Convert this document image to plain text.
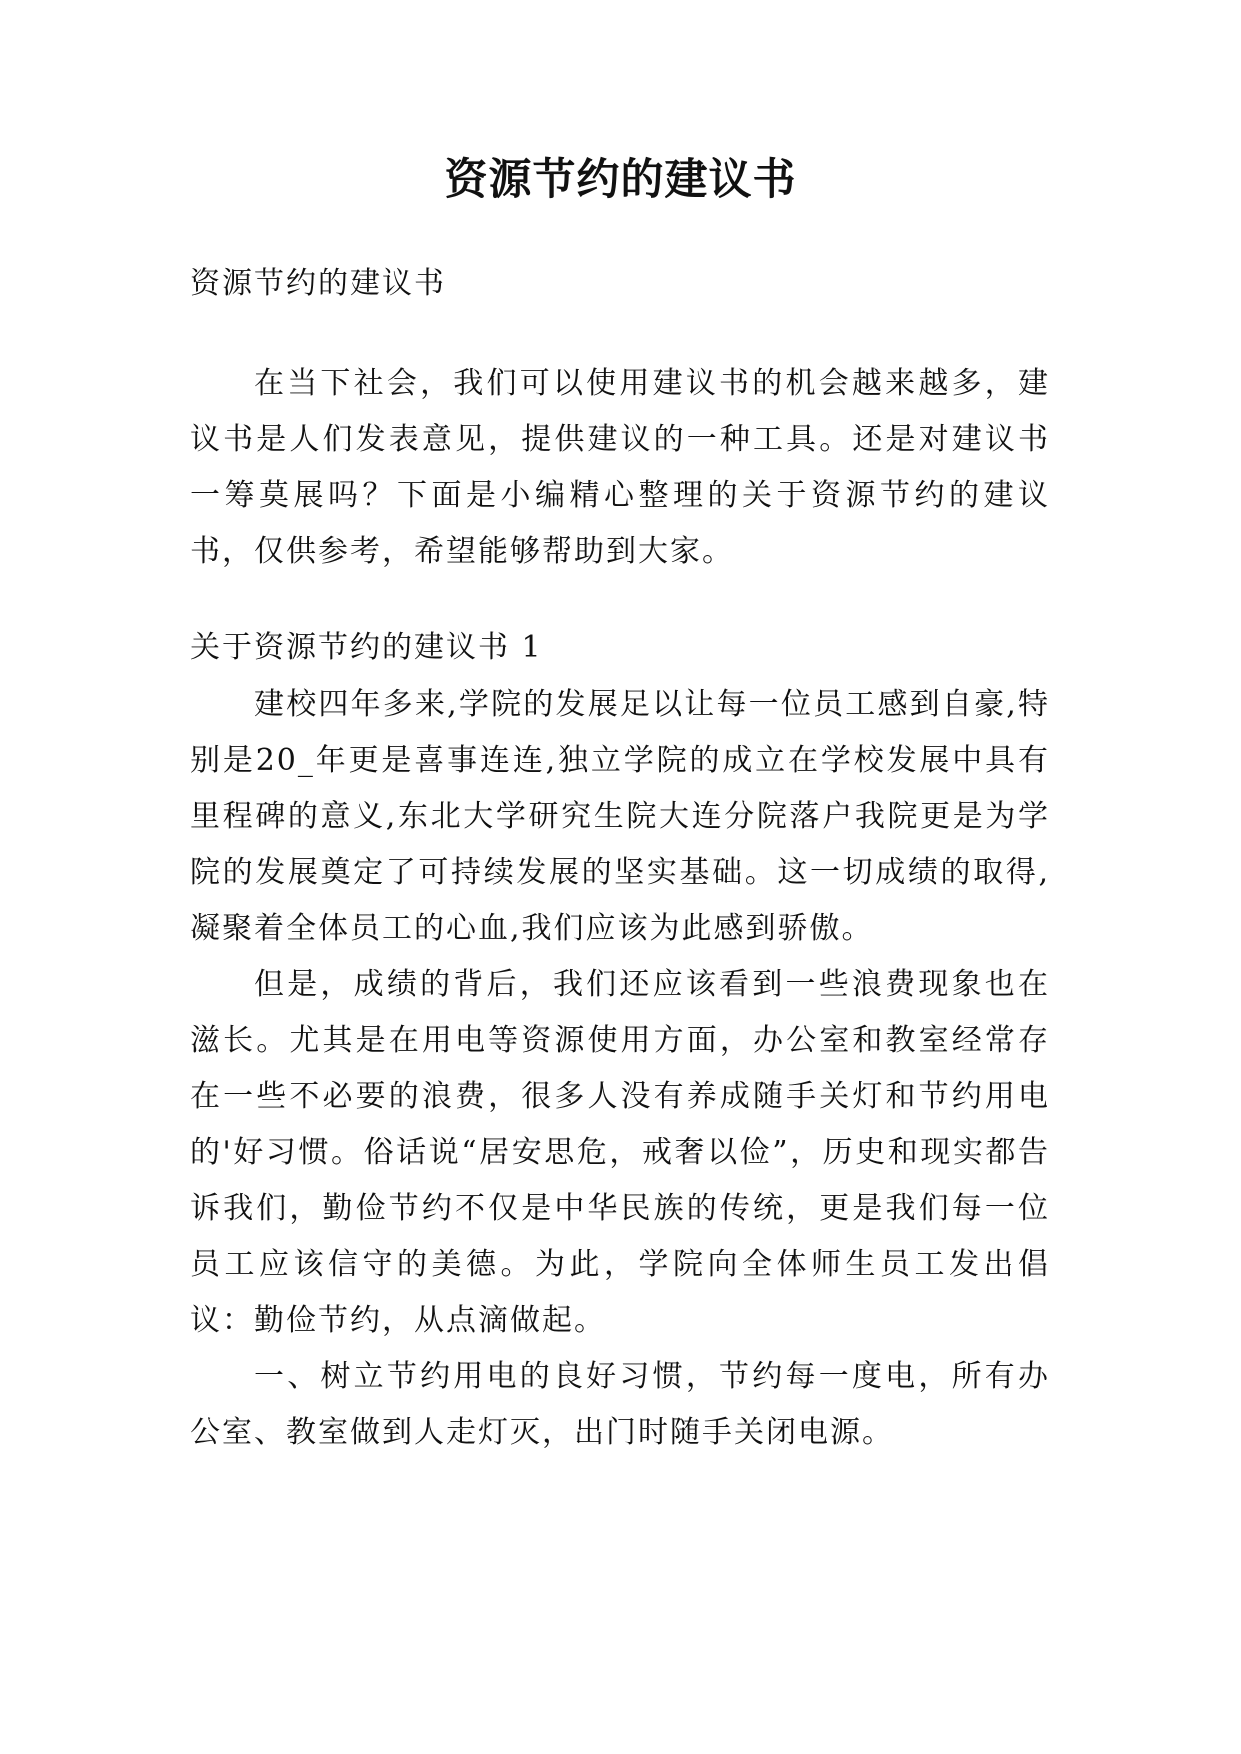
资源节约的建议书

资源节约的建议书

在当下社会，我们可以使用建议书的机会越来越多，建议书是人们发表意见，提供建议的一种工具。还是对建议书一筹莫展吗？下面是小编精心整理的关于资源节约的建议书，仅供参考，希望能够帮助到大家。

关于资源节约的建议书 1

建校四年多来,学院的发展足以让每一位员工感到自豪,特别是20_年更是喜事连连,独立学院的成立在学校发展中具有里程碑的意义,东北大学研究生院大连分院落户我院更是为学院的发展奠定了可持续发展的坚实基础。这一切成绩的取得,凝聚着全体员工的心血,我们应该为此感到骄傲。

但是，成绩的背后，我们还应该看到一些浪费现象也在滋长。尤其是在用电等资源使用方面，办公室和教室经常存在一些不必要的浪费，很多人没有养成随手关灯和节约用电的'好习惯。俗话说“居安思危，戒奢以俭”，历史和现实都告诉我们，勤俭节约不仅是中华民族的传统，更是我们每一位员工应该信守的美德。为此，学院向全体师生员工发出倡议：勤俭节约，从点滴做起。

一、树立节约用电的良好习惯，节约每一度电，所有办公室、教室做到人走灯灭，出门时随手关闭电源。
